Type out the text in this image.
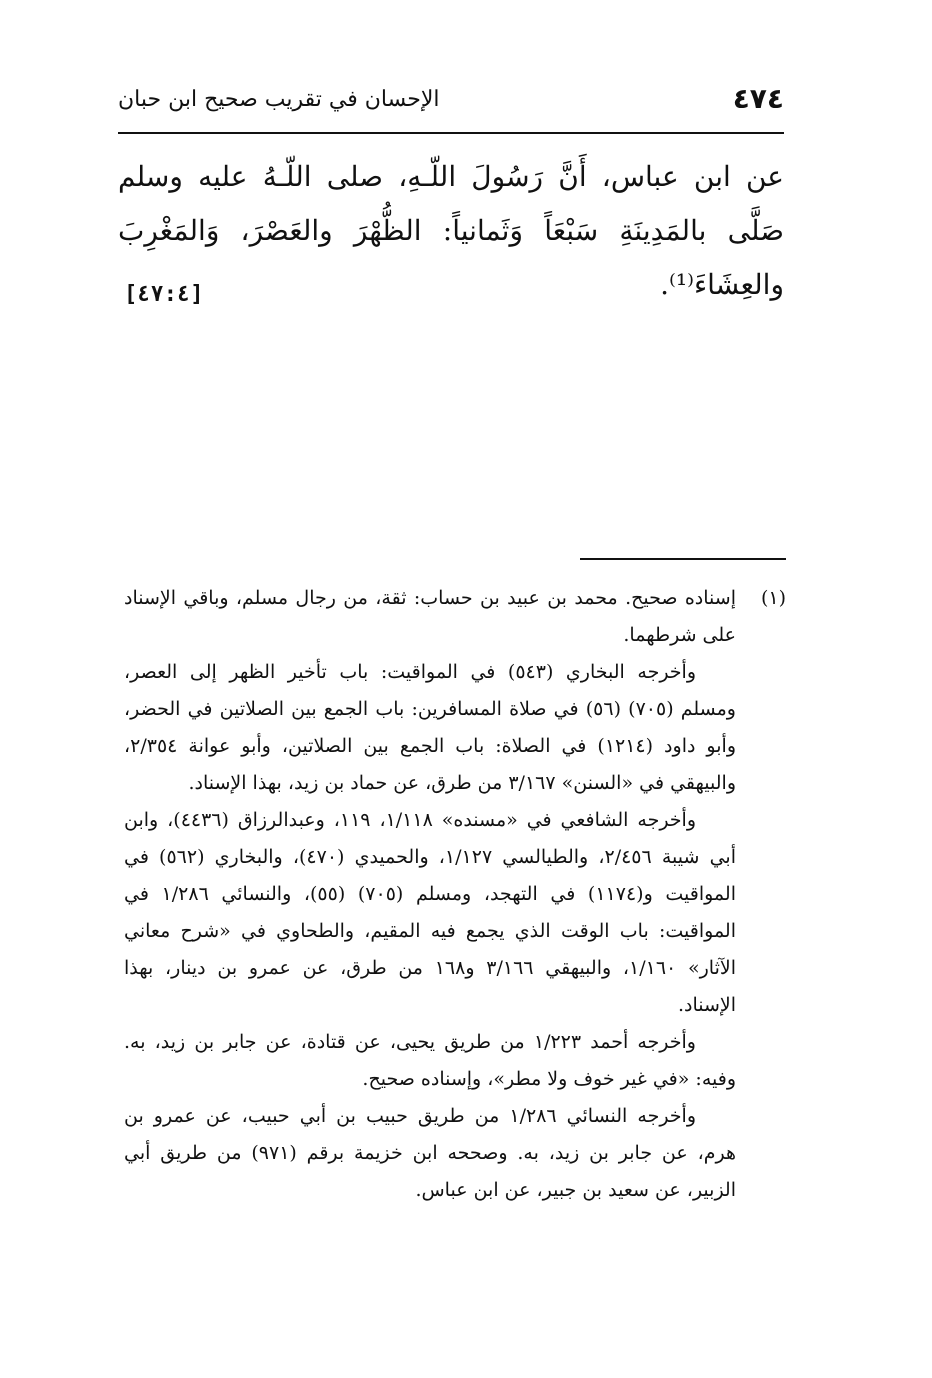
٤٧٤
الإحسان في تقريب صحيح ابن حبان

عن ابن عباس، أَنَّ رَسُولَ اللّـهِ، صلى اللّـهُ عليه وسلم صَلَّى بالمَدِينَةِ سَبْعَاً وَثَمانياً: الظُّهْرَ والعَصْرَ، وَالمَغْرِبَ والعِشَاءَ⁽¹⁾.

[٤٧:٤]
(١)

إسناده صحيح. محمد بن عبيد بن حساب: ثقة، من رجال مسلم، وباقي الإسناد على شرطهما.

وأخرجه البخاري (٥٤٣) في المواقيت: باب تأخير الظهر إلى العصر، ومسلم (٧٠٥) (٥٦) في صلاة المسافرين: باب الجمع بين الصلاتين في الحضر، وأبو داود (١٢١٤) في الصلاة: باب الجمع بين الصلاتين، وأبو عوانة ٢/٣٥٤، والبيهقي في «السنن» ٣/١٦٧ من طرق، عن حماد بن زيد، بهذا الإسناد.

وأخرجه الشافعي في «مسنده» ١/١١٨، ١١٩، وعبدالرزاق (٤٤٣٦)، وابن أبي شيبة ٢/٤٥٦، والطيالسي ١/١٢٧، والحميدي (٤٧٠)، والبخاري (٥٦٢) في المواقيت و(١١٧٤) في التهجد، ومسلم (٧٠٥) (٥٥)، والنسائي ١/٢٨٦ في المواقيت: باب الوقت الذي يجمع فيه المقيم، والطحاوي في «شرح معاني الآثار» ١/١٦٠، والبيهقي ٣/١٦٦ و١٦٨ من طرق، عن عمرو بن دينار، بهذا الإسناد.

وأخرجه أحمد ١/٢٢٣ من طريق يحيى، عن قتادة، عن جابر بن زيد، به. وفيه: «في غير خوف ولا مطر»، وإسناده صحيح.

وأخرجه النسائي ١/٢٨٦ من طريق حبيب بن أبي حبيب، عن عمرو بن هرم، عن جابر بن زيد، به. وصححه ابن خزيمة برقم (٩٧١) من طريق أبي الزبير، عن سعيد بن جبير، عن ابن عباس.
